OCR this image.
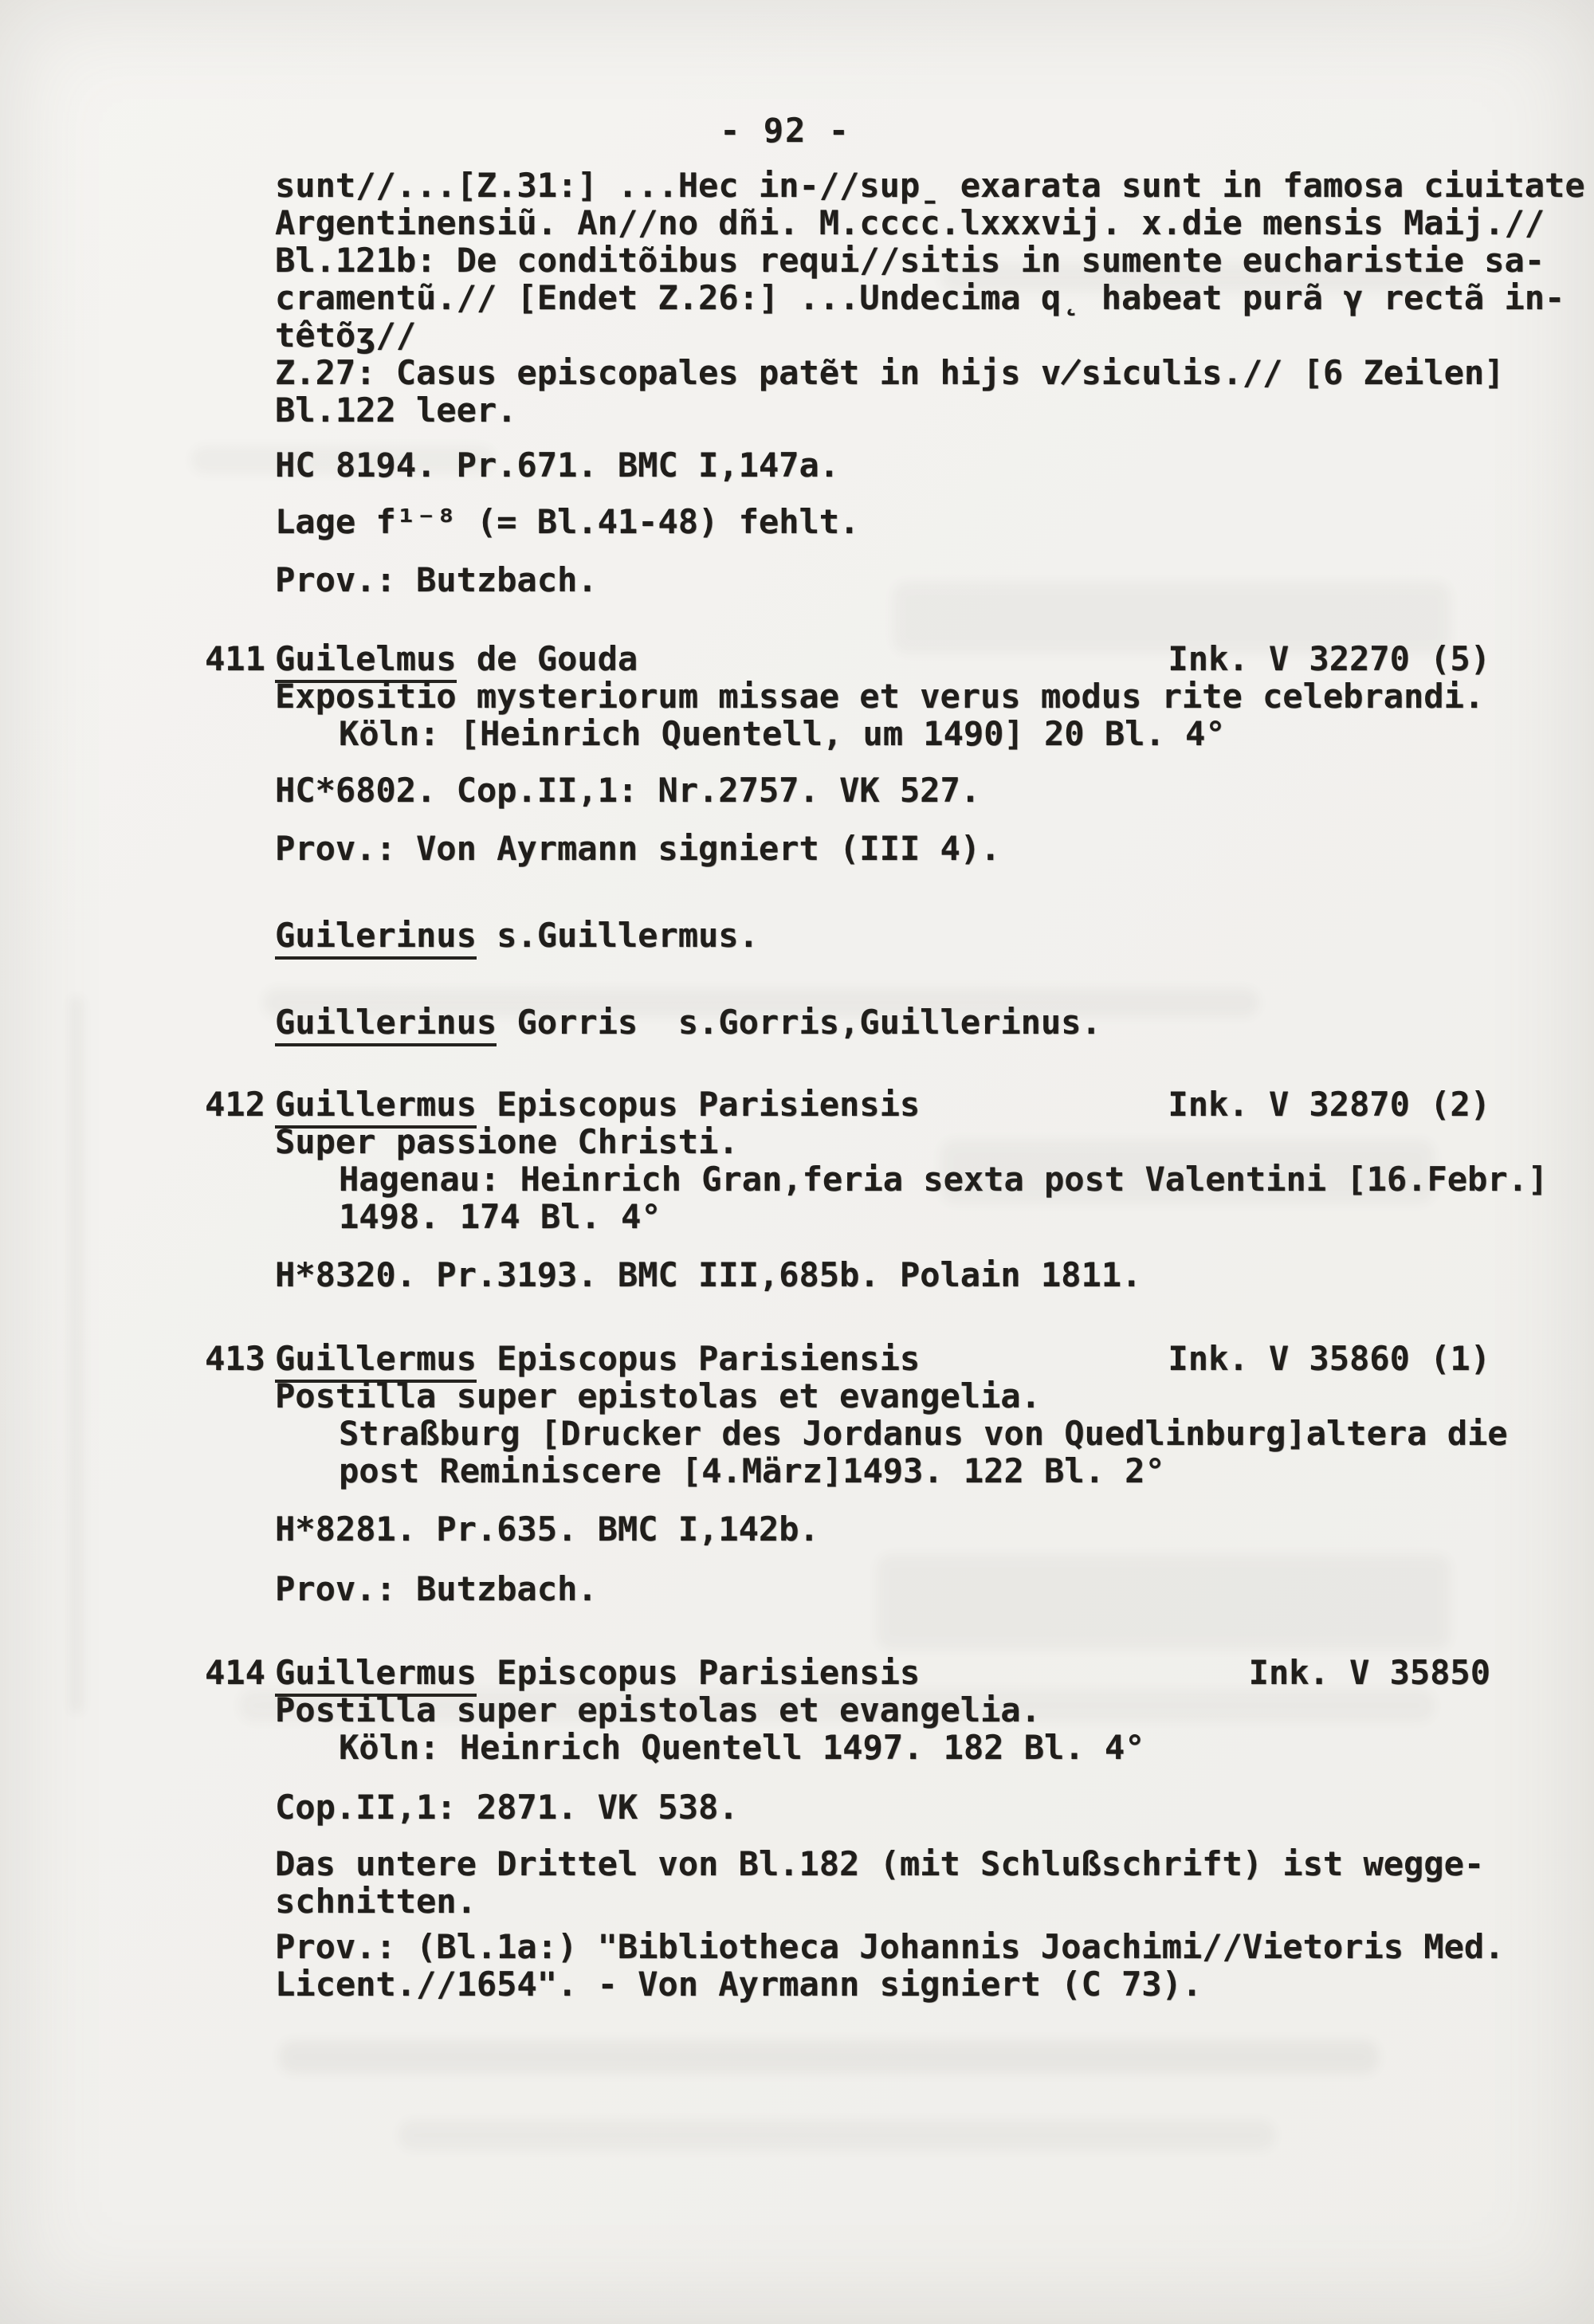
- 92 -
sunt//...[Z.31:] ...Hec in-//sup̱ exarata sunt in famosa ciuitate
Argentinensiũ. An//no dñi. M.cccc.lxxxvij. x.die mensis Maij.//
Bl.121b: De conditõibus requi//sitis in sumente eucharistie sa-
cramentũ.// [Endet Z.26:] ...Undecima q̨ habeat purã γ rectã in-
têtõʒ//
Z.27: Casus episcopales patẽt in hijs v̸siculis.// [6 Zeilen]
Bl.122 leer.
HC 8194. Pr.671. BMC I,147a.
Lage f¹⁻⁸ (= Bl.41-48) fehlt.
Prov.: Butzbach.
411 Guilelmus de Gouda	Ink. V 32270 (5)
Expositio mysteriorum missae et verus modus rite celebrandi.
Köln: [Heinrich Quentell, um 1490] 20 Bl. 4°
HC*6802. Cop.II,1: Nr.2757. VK 527.
Prov.: Von Ayrmann signiert (III 4).
Guilerinus s.Guillermus.
Guillerinus Gorris  s.Gorris,Guillerinus.
412 Guillermus Episcopus Parisiensis	Ink. V 32870 (2)
Super passione Christi.
Hagenau: Heinrich Gran,feria sexta post Valentini [16.Febr.]
1498. 174 Bl. 4°
H*8320. Pr.3193. BMC III,685b. Polain 1811.
413 Guillermus Episcopus Parisiensis	Ink. V 35860 (1)
Postilla super epistolas et evangelia.
Straßburg [Drucker des Jordanus von Quedlinburg]altera die
post Reminiscere [4.März]1493. 122 Bl. 2°
H*8281. Pr.635. BMC I,142b.
Prov.: Butzbach.
414 Guillermus Episcopus Parisiensis	Ink. V 35850
Postilla super epistolas et evangelia.
Köln: Heinrich Quentell 1497. 182 Bl. 4°
Cop.II,1: 2871. VK 538.
Das untere Drittel von Bl.182 (mit Schlußschrift) ist wegge-
schnitten.
Prov.: (Bl.1a:) "Bibliotheca Johannis Joachimi//Vietoris Med.
Licent.//1654". - Von Ayrmann signiert (C 73).
